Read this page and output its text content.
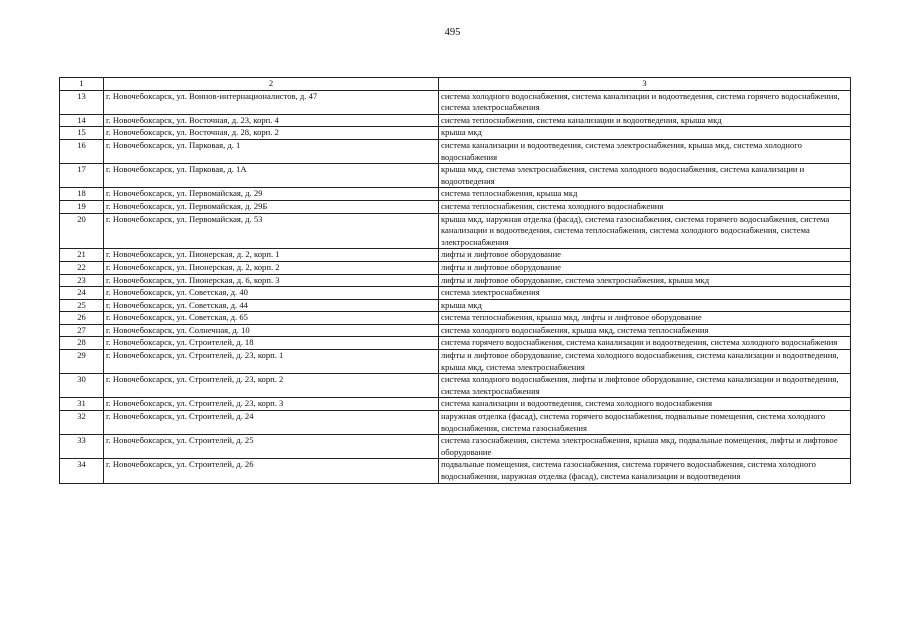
495
1	2	3
13	г. Новочебоксарск, ул. Воинов-интернационалистов, д. 47	система холодного водоснабжения, система канализации и водоотведения, система горячего водоснабжения, система электроснабжения
14	г. Новочебоксарск, ул. Восточная, д. 23, корп. 4	система теплоснабжения, система канализации и водоотведения, крыша мкд
15	г. Новочебоксарск, ул. Восточная, д. 28, корп. 2	крыша мкд
16	г. Новочебоксарск, ул. Парковая, д. 1	система канализации и водоотведения, система электроснабжения, крыша мкд, система холодного водоснабжения
17	г. Новочебоксарск, ул. Парковая, д. 1А	крыша мкд, система электроснабжения, система холодного водоснабжения, система канализации и водоотведения
18	г. Новочебоксарск, ул. Первомайская, д. 29	система теплоснабжения, крыша мкд
19	г. Новочебоксарск, ул. Первомайская, д. 29Б	система теплоснабжения, система холодного водоснабжения
20	г. Новочебоксарск, ул. Первомайская, д. 53	крыша мкд, наружная отделка (фасад), система газоснабжения, система горячего водоснабжения, система канализации и водоотведения, система теплоснабжения, система холодного водоснабжения, система электроснабжения
21	г. Новочебоксарск, ул. Пионерская, д. 2, корп. 1	лифты и лифтовое оборудование
22	г. Новочебоксарск, ул. Пионерская, д. 2, корп. 2	лифты и лифтовое оборудование
23	г. Новочебоксарск, ул. Пионерская, д. 6, корп. 3	лифты и лифтовое оборудование, система электроснабжения, крыша мкд
24	г. Новочебоксарск, ул. Советская, д. 40	система электроснабжения
25	г. Новочебоксарск, ул. Советская, д. 44	крыша мкд
26	г. Новочебоксарск, ул. Советская, д. 65	система теплоснабжения, крыша мкд, лифты и лифтовое оборудование
27	г. Новочебоксарск, ул. Солнечная, д. 10	система холодного водоснабжения, крыша мкд, система теплоснабжения
28	г. Новочебоксарск, ул. Строителей, д. 18	система горячего водоснабжения, система канализации и водоотведения, система холодного водоснабжения
29	г. Новочебоксарск, ул. Строителей, д. 23, корп. 1	лифты и лифтовое оборудование, система холодного водоснабжения, система канализации и водоотведения, крыша мкд, система электроснабжения
30	г. Новочебоксарск, ул. Строителей, д. 23, корп. 2	система холодного водоснабжения, лифты и лифтовое оборудование, система канализации и водоотведения, система электроснабжения
31	г. Новочебоксарск, ул. Строителей, д. 23, корп. 3	система канализации и водоотведения, система холодного водоснабжения
32	г. Новочебоксарск, ул. Строителей, д. 24	наружная отделка (фасад), система горячего водоснабжения, подвальные помещения, система холодного водоснабжения, система газоснабжения
33	г. Новочебоксарск, ул. Строителей, д. 25	система газоснабжения, система электроснабжения, крыша мкд, подвальные помещения, лифты и лифтовое оборудование
34	г. Новочебоксарск, ул. Строителей, д. 26	подвальные помещения, система газоснабжения, система горячего водоснабжения, система холодного водоснабжения, наружная отделка (фасад), система канализации и водоотведения
